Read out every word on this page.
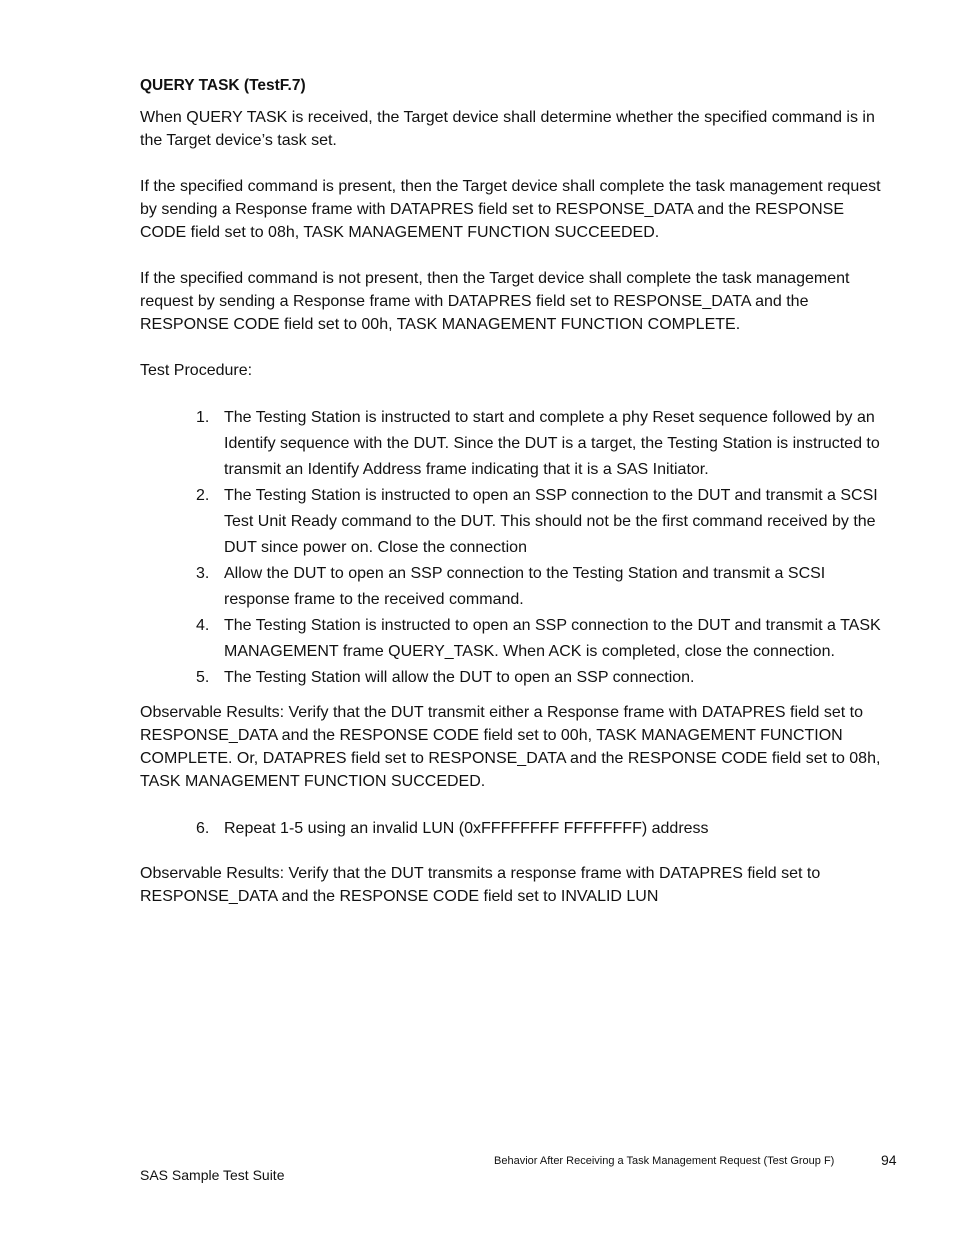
QUERY TASK (TestF.7)

When QUERY TASK is received, the Target device shall determine whether the specified command is in the Target device’s task set.

If the specified command is present, then the Target device shall complete the task management request by sending a Response frame with DATAPRES field set to RESPONSE_DATA and the RESPONSE CODE field set to 08h, TASK MANAGEMENT FUNCTION SUCCEEDED.

If the specified command is not present, then the Target device shall complete the task management request by sending a Response frame with DATAPRES field set to RESPONSE_DATA and the RESPONSE CODE field set to 00h, TASK MANAGEMENT FUNCTION COMPLETE.

Test Procedure:

1. The Testing Station is instructed to start and complete a phy Reset sequence followed by an Identify sequence with the DUT. Since the DUT is a target, the Testing Station is instructed to transmit an Identify Address frame indicating that it is a SAS Initiator.
2. The Testing Station is instructed to open an SSP connection to the DUT and transmit a SCSI Test Unit Ready command to the DUT. This should not be the first command received by the DUT since power on. Close the connection
3. Allow the DUT to open an SSP connection to the Testing Station and transmit a SCSI response frame to the received command.
4. The Testing Station is instructed to open an SSP connection to the DUT and transmit a TASK MANAGEMENT frame QUERY_TASK. When ACK is completed, close the connection.
5. The Testing Station will allow the DUT to open an SSP connection.

Observable Results: Verify that the DUT transmit either a Response frame with DATAPRES field set to RESPONSE_DATA and the RESPONSE CODE field set to 00h, TASK MANAGEMENT FUNCTION COMPLETE. Or, DATAPRES field set to RESPONSE_DATA and the RESPONSE CODE field set to 08h, TASK MANAGEMENT FUNCTION SUCCEDED.

6. Repeat 1-5 using an invalid LUN (0xFFFFFFFF FFFFFFFF) address

Observable Results: Verify that the DUT transmits a response frame with DATAPRES field set to RESPONSE_DATA and the RESPONSE CODE field set to INVALID LUN

Behavior After Receiving a Task Management Request (Test Group F)	94
SAS Sample Test Suite
